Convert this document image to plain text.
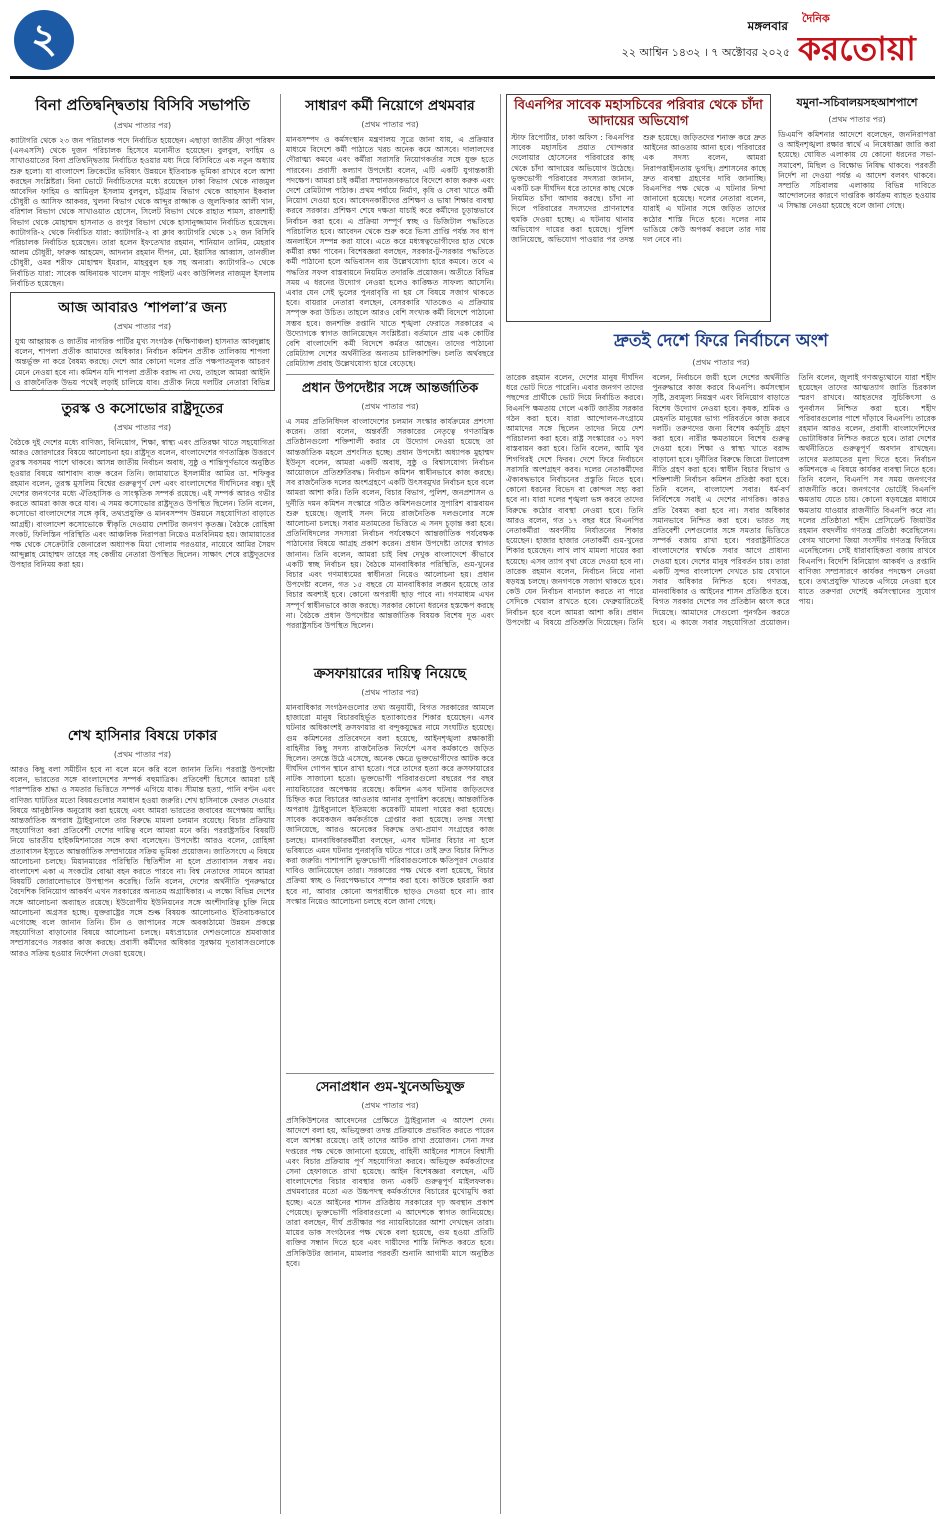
২	মঙ্গলবার
২২ আশ্বিন ১৪৩২ । ৭ অক্টোবর ২০২৫
দৈনিক
করতোয়া
বিনা প্রতিদ্বন্দ্বিতায় বিসিবি সভাপতি
(প্রথম পাতার পর)
ক্যাটাগরি থেকে ২৩ জন পরিচালক পদে নির্বাচিত হয়েছেন। এছাড়া জাতীয় ক্রীড়া পরিষদ (এনএসসি) থেকে দুজন পরিচালক হিসেবে মনোনীত হয়েছেন। বুলবুল, ফাহিম ও সাখাওয়াতের বিনা প্রতিদ্বন্দ্বিতায় নির্বাচিত হওয়ার মধ্য দিয়ে বিসিবিতে এক নতুন অধ্যায় শুরু হলো। যা বাংলাদেশ ক্রিকেটের ভবিষ্যৎ উন্নয়নে ইতিবাচক ভূমিকা রাখবে বলে আশা করছেন সংশ্লিষ্টরা। বিনা ভোটে নির্বাচিতদের মধ্যে রয়েছেন ঢাকা বিভাগ থেকে নাজমুল আবেদিন ফাহিম ও আমিনুল ইসলাম বুলবুল, চট্টগ্রাম বিভাগ থেকে আহসান ইকবাল চৌধুরী ও আসিফ আকবর, খুলনা বিভাগ থেকে আব্দুর রাজ্জাক ও জুলফিকার আলী খান, বরিশাল বিভাগ থেকে সাখাওয়াত হোসেন, সিলেট বিভাগ থেকে রাহাত শামস, রাজশাহী বিভাগ থেকে মোহাম্মদ হাসনাত ও রংপুর বিভাগ থেকে হাসানুজ্জামান নির্বাচিত হয়েছেন। ক্যাটাগরি-২ থেকে নির্বাচিত যারা: ক্যাটাগরি-২ বা ক্লাব ক্যাটাগরি থেকে ১২ জন বিসিবি পরিচালক নির্বাচিত হয়েছেন। তারা হলেন ইফতেখার রহমান, শানিয়ান তানিম, মেহরাব আলম চৌধুরী, ফারুক আহমেদ, আদনান রহমান দীপন, মো. ইয়াসির আব্বাস, তানজীল চৌধুরী, ওমর শরীফ মোহাম্মদ ইমরান, মাহবুবুল হক সহ অন্যরা। ক্যাটাগরি-৩ থেকে নির্বাচিত যারা: সাবেক অধিনায়ক খালেদ মাসুদ পাইলট এবং কাউন্সিলর নাজমূল ইসলাম নির্বাচিত হয়েছেন।
আজ আবারও ‘শাপলা’র জন্য
(প্রথম পাতার পর)
যুগ্ম আহ্বায়ক ও জাতীয় নাগরিক পার্টির মুখ্য সংগঠক (দক্ষিণাঞ্চল) হাসনাত আবদুল্লাহ বলেন, শাপলা প্রতীক আমাদের অধিকার। নির্বাচন কমিশন প্রতীক তালিকায় শাপলা অন্তর্ভুক্ত না করে বৈষম্য করছে। দেশে আর কোনো দলের প্রতি পক্ষপাতমূলক আচরণ মেনে নেওয়া হবে না। কমিশন যদি শাপলা প্রতীক বরাদ্দ না দেয়, তাহলে আমরা আইনি ও রাজনৈতিক উভয় পথেই লড়াই চালিয়ে যাব। প্রতীক নিয়ে দলটির নেতারা বিভিন্ন
তুরস্ক ও কসোভোর রাষ্ট্রদূতের
(প্রথম পাতার পর)
বৈঠকে দুই দেশের মধ্যে বাণিজ্য, বিনিয়োগ, শিক্ষা, স্বাস্থ্য এবং প্রতিরক্ষা খাতে সহযোগিতা আরও জোরদারের বিষয়ে আলোচনা হয়। রাষ্ট্রদূত বলেন, বাংলাদেশের গণতান্ত্রিক উত্তরণে তুরস্ক সবসময় পাশে থাকবে। আসন্ন জাতীয় নির্বাচন অবাধ, সুষ্ঠু ও শান্তিপূর্ণভাবে অনুষ্ঠিত হওয়ার বিষয়ে আশাবাদ ব্যক্ত করেন তিনি। জামায়াতে ইসলামীর আমির ডা. শফিকুর রহমান বলেন, তুরস্ক মুসলিম বিশ্বের গুরুত্বপূর্ণ দেশ এবং বাংলাদেশের দীর্ঘদিনের বন্ধু। দুই দেশের জনগণের মধ্যে ঐতিহাসিক ও সাংস্কৃতিক সম্পর্ক রয়েছে। এই সম্পর্ক আরও গভীর করতে আমরা কাজ করে যাব। এ সময় কসোভোর রাষ্ট্রদূতও উপস্থিত ছিলেন। তিনি বলেন, কসোভো বাংলাদেশের সঙ্গে কৃষি, তথ্যপ্রযুক্তি ও মানবসম্পদ উন্নয়নে সহযোগিতা বাড়াতে আগ্রহী। বাংলাদেশ কসোভোকে স্বীকৃতি দেওয়ায় দেশটির জনগণ কৃতজ্ঞ। বৈঠকে রোহিঙ্গা সংকট, ফিলিস্তিন পরিস্থিতি এবং আঞ্চলিক নিরাপত্তা নিয়েও মতবিনিময় হয়। জামায়াতের পক্ষ থেকে সেক্রেটারি জেনারেল অধ্যাপক মিয়া গোলাম পরওয়ার, নায়েবে আমির সৈয়দ আব্দুল্লাহ মোহাম্মদ তাহের সহ কেন্দ্রীয় নেতারা উপস্থিত ছিলেন। সাক্ষাৎ শেষে রাষ্ট্রদূতদের উপহার বিনিময় করা হয়।
শেখ হাসিনার বিষয়ে ঢাকার
(প্রথম পাতার পর)
আরও কিছু বলা সমীচীন হবে না বলে মনে করি বলে জানান তিনি। পররাষ্ট্র উপদেষ্টা বলেন, ভারতের সঙ্গে বাংলাদেশের সম্পর্ক বহুমাত্রিক। প্রতিবেশী হিসেবে আমরা চাই পারস্পরিক শ্রদ্ধা ও সমতার ভিত্তিতে সম্পর্ক এগিয়ে যাক। সীমান্ত হত্যা, পানি বণ্টন এবং বাণিজ্য ঘাটতির মতো বিষয়গুলোর সমাধান হওয়া জরুরি। শেখ হাসিনাকে ফেরত দেওয়ার বিষয়ে আনুষ্ঠানিক অনুরোধ করা হয়েছে এবং আমরা ভারতের জবাবের অপেক্ষায় আছি। আন্তর্জাতিক অপরাধ ট্রাইব্যুনালে তার বিরুদ্ধে মামলা চলমান রয়েছে। বিচার প্রক্রিয়ায় সহযোগিতা করা প্রতিবেশী দেশের দায়িত্ব বলে আমরা মনে করি। পররাষ্ট্রসচিব বিষয়টি নিয়ে ভারতীয় হাইকমিশনারের সঙ্গে কথা বলেছেন। উপদেষ্টা আরও বলেন, রোহিঙ্গা প্রত্যাবাসন ইস্যুতে আন্তর্জাতিক সম্প্রদায়ের সক্রিয় ভূমিকা প্রয়োজন। জাতিসংঘে এ বিষয়ে আলোচনা চলছে। মিয়ানমারের পরিস্থিতি স্থিতিশীল না হলে প্রত্যাবাসন সম্ভব নয়। বাংলাদেশ একা এ সংকটের বোঝা বহন করতে পারবে না। বিশ্ব নেতাদের সামনে আমরা বিষয়টি জোরালোভাবে উপস্থাপন করেছি। তিনি বলেন, দেশের অর্থনীতি পুনরুদ্ধারে বৈদেশিক বিনিয়োগ আকর্ষণ এখন সরকারের অন্যতম অগ্রাধিকার। এ লক্ষ্যে বিভিন্ন দেশের সঙ্গে আলোচনা অব্যাহত রয়েছে। ইউরোপীয় ইউনিয়নের সঙ্গে অংশীদারিত্ব চুক্তি নিয়ে আলোচনা অগ্রসর হচ্ছে। যুক্তরাষ্ট্রের সঙ্গে শুল্ক বিষয়ক আলোচনাও ইতিবাচকভাবে এগোচ্ছে বলে জানান তিনি। চীন ও জাপানের সঙ্গে অবকাঠামো উন্নয়ন প্রকল্পে সহযোগিতা বাড়ানোর বিষয়ে আলোচনা চলছে। মধ্যপ্রাচ্যের দেশগুলোতে শ্রমবাজার সম্প্রসারণেও সরকার কাজ করছে। প্রবাসী কর্মীদের অধিকার সুরক্ষায় দূতাবাসগুলোকে আরও সক্রিয় হওয়ার নির্দেশনা দেওয়া হয়েছে।
সাধারণ কর্মী নিয়োগে প্রথমবার
(প্রথম পাতার পর)
মানবসম্পদ ও কর্মসংস্থান মন্ত্রণালয় সূত্রে জানা যায়, এ প্রক্রিয়ার মাধ্যমে বিদেশে কর্মী পাঠাতে খরচ অনেক কমে আসবে। দালালদের দৌরাত্ম্য কমবে এবং কর্মীরা সরাসরি নিয়োগকর্তার সঙ্গে যুক্ত হতে পারবেন। প্রবাসী কল্যাণ উপদেষ্টা বলেন, এটি একটি যুগান্তকারী পদক্ষেপ। আমরা চাই কর্মীরা সম্মানজনকভাবে বিদেশে কাজ করুক এবং দেশে রেমিট্যান্স পাঠাক। প্রথম পর্যায়ে নির্মাণ, কৃষি ও সেবা খাতে কর্মী নিয়োগ দেওয়া হবে। আবেদনকারীদের প্রশিক্ষণ ও ভাষা শিক্ষার ব্যবস্থা করবে সরকার। প্রশিক্ষণ শেষে দক্ষতা যাচাই করে কর্মীদের চূড়ান্তভাবে নির্বাচন করা হবে। এ প্রক্রিয়া সম্পূর্ণ স্বচ্ছ ও ডিজিটাল পদ্ধতিতে পরিচালিত হবে। আবেদন থেকে শুরু করে ভিসা প্রাপ্তি পর্যন্ত সব ধাপ অনলাইনে সম্পন্ন করা যাবে। এতে করে মধ্যস্বত্বভোগীদের হাত থেকে কর্মীরা রক্ষা পাবেন। বিশেষজ্ঞরা বলছেন, সরকার-টু-সরকার পদ্ধতিতে কর্মী পাঠানো হলে অভিবাসন ব্যয় উল্লেখযোগ্য হারে কমবে। তবে এ পদ্ধতির সফল বাস্তবায়নে নিয়মিত তদারকি প্রয়োজন। অতীতে বিভিন্ন সময় এ ধরনের উদ্যোগ নেওয়া হলেও কাঙ্ক্ষিত সাফল্য আসেনি। এবার যেন সেই ভুলের পুনরাবৃত্তি না হয় সে বিষয়ে সজাগ থাকতে হবে। বায়রার নেতারা বলছেন, বেসরকারি খাতকেও এ প্রক্রিয়ায় সম্পৃক্ত করা উচিত। তাহলে আরও বেশি সংখ্যক কর্মী বিদেশে পাঠানো সম্ভব হবে। জনশক্তি রপ্তানি খাতে শৃঙ্খলা ফেরাতে সরকারের এ উদ্যোগকে স্বাগত জানিয়েছেন সংশ্লিষ্টরা। বর্তমানে প্রায় এক কোটির বেশি বাংলাদেশি কর্মী বিদেশে কর্মরত আছেন। তাদের পাঠানো রেমিট্যান্স দেশের অর্থনীতির অন্যতম চালিকাশক্তি। চলতি অর্থবছরে রেমিট্যান্স প্রবাহ উল্লেখযোগ্য হারে বেড়েছে।
প্রধান উপদেষ্টার সঙ্গে আন্তর্জাতিক
(প্রথম পাতার পর)
এ সময় প্রতিনিধিদল বাংলাদেশের চলমান সংস্কার কার্যক্রমের প্রশংসা করেন। তারা বলেন, অন্তর্বর্তী সরকারের নেতৃত্বে গণতান্ত্রিক প্রতিষ্ঠানগুলো শক্তিশালী করার যে উদ্যোগ নেওয়া হয়েছে তা আন্তর্জাতিক মহলে প্রশংসিত হচ্ছে। প্রধান উপদেষ্টা অধ্যাপক মুহাম্মদ ইউনূস বলেন, আমরা একটি অবাধ, সুষ্ঠু ও বিশ্বাসযোগ্য নির্বাচন আয়োজনে প্রতিশ্রুতিবদ্ধ। নির্বাচন কমিশন স্বাধীনভাবে কাজ করছে। সব রাজনৈতিক দলের অংশগ্রহণে একটি উৎসবমুখর নির্বাচন হবে বলে আমরা আশা করি। তিনি বলেন, বিচার বিভাগ, পুলিশ, জনপ্রশাসন ও দুর্নীতি দমন কমিশন সংস্কারে গঠিত কমিশনগুলোর সুপারিশ বাস্তবায়ন শুরু হয়েছে। জুলাই সনদ নিয়ে রাজনৈতিক দলগুলোর সঙ্গে আলোচনা চলছে। সবার মতামতের ভিত্তিতে এ সনদ চূড়ান্ত করা হবে। প্রতিনিধিদলের সদস্যরা নির্বাচন পর্যবেক্ষণে আন্তর্জাতিক পর্যবেক্ষক পাঠানোর বিষয়ে আগ্রহ প্রকাশ করেন। প্রধান উপদেষ্টা তাদের স্বাগত জানান। তিনি বলেন, আমরা চাই বিশ্ব দেখুক বাংলাদেশে কীভাবে একটি স্বচ্ছ নির্বাচন হয়। বৈঠকে মানবাধিকার পরিস্থিতি, গুম-খুনের বিচার এবং গণমাধ্যমের স্বাধীনতা নিয়েও আলোচনা হয়। প্রধান উপদেষ্টা বলেন, গত ১৫ বছরে যে মানবাধিকার লঙ্ঘন হয়েছে তার বিচার অবশ্যই হবে। কোনো অপরাধী ছাড় পাবে না। গণমাধ্যম এখন সম্পূর্ণ স্বাধীনভাবে কাজ করছে। সরকার কোনো ধরনের হস্তক্ষেপ করছে না। বৈঠকে প্রধান উপদেষ্টার আন্তর্জাতিক বিষয়ক বিশেষ দূত এবং পররাষ্ট্রসচিব উপস্থিত ছিলেন।
ক্রসফায়ারের দায়িত্ব নিয়েছে
(প্রথম পাতার পর)
মানবাধিকার সংগঠনগুলোর তথ্য অনুযায়ী, বিগত সরকারের আমলে হাজারো মানুষ বিচারবহির্ভূত হত্যাকাণ্ডের শিকার হয়েছেন। এসব ঘটনার অধিকাংশই ক্রসফায়ার বা বন্দুকযুদ্ধের নামে সংঘটিত হয়েছে। গুম কমিশনের প্রতিবেদনে বলা হয়েছে, আইনশৃঙ্খলা রক্ষাকারী বাহিনীর কিছু সদস্য রাজনৈতিক নির্দেশে এসব কর্মকাণ্ডে জড়িত ছিলেন। তদন্তে উঠে এসেছে, অনেক ক্ষেত্রে ভুক্তভোগীদের আটক করে দীর্ঘদিন গোপন স্থানে রাখা হতো। পরে তাদের হত্যা করে ক্রসফায়ারের নাটক সাজানো হতো। ভুক্তভোগী পরিবারগুলো বছরের পর বছর ন্যায়বিচারের অপেক্ষায় রয়েছে। কমিশন এসব ঘটনায় জড়িতদের চিহ্নিত করে বিচারের আওতায় আনার সুপারিশ করেছে। আন্তর্জাতিক অপরাধ ট্রাইব্যুনালে ইতিমধ্যে কয়েকটি মামলা দায়ের করা হয়েছে। সাবেক কয়েকজন কর্মকর্তাকে গ্রেপ্তার করা হয়েছে। তদন্ত সংস্থা জানিয়েছে, আরও অনেকের বিরুদ্ধে তথ্য-প্রমাণ সংগ্রহের কাজ চলছে। মানবাধিকারকর্মীরা বলছেন, এসব ঘটনার বিচার না হলে ভবিষ্যতে এমন ঘটনার পুনরাবৃত্তি ঘটতে পারে। তাই দ্রুত বিচার নিশ্চিত করা জরুরি। পাশাপাশি ভুক্তভোগী পরিবারগুলোকে ক্ষতিপূরণ দেওয়ার দাবিও জানিয়েছেন তারা। সরকারের পক্ষ থেকে বলা হয়েছে, বিচার প্রক্রিয়া স্বচ্ছ ও নিরপেক্ষভাবে সম্পন্ন করা হবে। কাউকে হয়রানি করা হবে না, আবার কোনো অপরাধীকে ছাড়ও দেওয়া হবে না। র‍্যাব সংস্কার নিয়েও আলোচনা চলছে বলে জানা গেছে।
সেনাপ্রধান গুম-খুনেঅভিযুক্ত
(প্রথম পাতার পর)
প্রসিকিউশনের আবেদনের প্রেক্ষিতে ট্রাইব্যুনাল এ আদেশ দেন। আদেশে বলা হয়, অভিযুক্তরা তদন্ত প্রক্রিয়াকে প্রভাবিত করতে পারেন বলে আশঙ্কা রয়েছে। তাই তাদের আটক রাখা প্রয়োজন। সেনা সদর দপ্তরের পক্ষ থেকে জানানো হয়েছে, বাহিনী আইনের শাসনে বিশ্বাসী এবং বিচার প্রক্রিয়ায় পূর্ণ সহযোগিতা করবে। অভিযুক্ত কর্মকর্তাদের সেনা হেফাজতে রাখা হয়েছে। আইন বিশেষজ্ঞরা বলছেন, এটি বাংলাদেশের বিচার ব্যবস্থার জন্য একটি গুরুত্বপূর্ণ মাইলফলক। প্রথমবারের মতো এত উচ্চপদস্থ কর্মকর্তাদের বিচারের মুখোমুখি করা হচ্ছে। এতে আইনের শাসন প্রতিষ্ঠায় সরকারের দৃঢ় অবস্থান প্রকাশ পেয়েছে। ভুক্তভোগী পরিবারগুলো এ আদেশকে স্বাগত জানিয়েছে। তারা বলছেন, দীর্ঘ প্রতীক্ষার পর ন্যায়বিচারের আশা দেখছেন তারা। মায়ের ডাক সংগঠনের পক্ষ থেকে বলা হয়েছে, গুম হওয়া প্রতিটি ব্যক্তির সন্ধান দিতে হবে এবং দায়ীদের শাস্তি নিশ্চিত করতে হবে। প্রসিকিউটর জানান, মামলার পরবর্তী শুনানি আগামী মাসে অনুষ্ঠিত হবে।
বিএনপির সাবেক মহাসচিবের পরিবার থেকে চাঁদা আদায়ের অভিযোগ
স্টাফ রিপোর্টার, ঢাকা অফিস : বিএনপির সাবেক মহাসচিব প্রয়াত খোন্দকার দেলোয়ার হোসেনের পরিবারের কাছ থেকে চাঁদা আদায়ের অভিযোগ উঠেছে। ভুক্তভোগী পরিবারের সদস্যরা জানান, একটি চক্র দীর্ঘদিন ধরে তাদের কাছ থেকে নিয়মিত চাঁদা আদায় করছে। চাঁদা না দিলে পরিবারের সদস্যদের প্রাণনাশের হুমকি দেওয়া হচ্ছে। এ ঘটনায় থানায় অভিযোগ দায়ের করা হয়েছে। পুলিশ জানিয়েছে, অভিযোগ পাওয়ার পর তদন্ত শুরু হয়েছে। জড়িতদের শনাক্ত করে দ্রুত আইনের আওতায় আনা হবে। পরিবারের এক সদস্য বলেন, আমরা নিরাপত্তাহীনতায় ভুগছি। প্রশাসনের কাছে দ্রুত ব্যবস্থা গ্রহণের দাবি জানাচ্ছি। বিএনপির পক্ষ থেকে এ ঘটনার নিন্দা জানানো হয়েছে। দলের নেতারা বলেন, যারাই এ ঘটনার সঙ্গে জড়িত তাদের কঠোর শাস্তি দিতে হবে। দলের নাম ভাঙিয়ে কেউ অপকর্ম করলে তার দায় দল নেবে না।
যমুনা-সচিবালয়সহআশপাশে
(প্রথম পাতার পর)
ডিএমপি কমিশনার আদেশে বলেছেন, জননিরাপত্তা ও আইনশৃঙ্খলা রক্ষার স্বার্থে এ নিষেধাজ্ঞা জারি করা হয়েছে। ঘোষিত এলাকায় যে কোনো ধরনের সভা-সমাবেশ, মিছিল ও বিক্ষোভ নিষিদ্ধ থাকবে। পরবর্তী নির্দেশ না দেওয়া পর্যন্ত এ আদেশ বলবৎ থাকবে। সম্প্রতি সচিবালয় এলাকায় বিভিন্ন দাবিতে আন্দোলনের কারণে দাপ্তরিক কার্যক্রম ব্যাহত হওয়ায় এ সিদ্ধান্ত নেওয়া হয়েছে বলে জানা গেছে।
দ্রুতই দেশে ফিরে নির্বাচনে অংশ
(প্রথম পাতার পর)
তারেক রহমান বলেন, দেশের মানুষ দীর্ঘদিন ধরে ভোট দিতে পারেনি। এবার জনগণ তাদের পছন্দের প্রার্থীকে ভোট দিয়ে নির্বাচিত করবে। বিএনপি ক্ষমতায় গেলে একটি জাতীয় সরকার গঠন করা হবে। যারা আন্দোলন-সংগ্রামে আমাদের সঙ্গে ছিলেন তাদের নিয়ে দেশ পরিচালনা করা হবে। রাষ্ট্র সংস্কারের ৩১ দফা বাস্তবায়ন করা হবে। তিনি বলেন, আমি খুব শিগগিরই দেশে ফিরব। দেশে ফিরে নির্বাচনে সরাসরি অংশগ্রহণ করব। দলের নেতাকর্মীদের ঐক্যবদ্ধভাবে নির্বাচনের প্রস্তুতি নিতে হবে। কোনো ধরনের বিভেদ বা কোন্দল সহ্য করা হবে না। যারা দলের শৃঙ্খলা ভঙ্গ করবে তাদের বিরুদ্ধে কঠোর ব্যবস্থা নেওয়া হবে। তিনি আরও বলেন, গত ১৭ বছর ধরে বিএনপির নেতাকর্মীরা অবর্ণনীয় নির্যাতনের শিকার হয়েছেন। হাজার হাজার নেতাকর্মী গুম-খুনের শিকার হয়েছেন। লাখ লাখ মামলা দায়ের করা হয়েছে। এসব ত্যাগ বৃথা যেতে দেওয়া হবে না। তারেক রহমান বলেন, নির্বাচন নিয়ে নানা ষড়যন্ত্র চলছে। জনগণকে সজাগ থাকতে হবে। কেউ যেন নির্বাচন বানচাল করতে না পারে সেদিকে খেয়াল রাখতে হবে। ফেব্রুয়ারিতেই নির্বাচন হবে বলে আমরা আশা করি। প্রধান উপদেষ্টা এ বিষয়ে প্রতিশ্রুতি দিয়েছেন। তিনি বলেন, নির্বাচনে জয়ী হলে দেশের অর্থনীতি পুনরুদ্ধারে কাজ করবে বিএনপি। কর্মসংস্থান সৃষ্টি, দ্রব্যমূল্য নিয়ন্ত্রণ এবং বিনিয়োগ বাড়াতে বিশেষ উদ্যোগ নেওয়া হবে। কৃষক, শ্রমিক ও মেহনতি মানুষের ভাগ্য পরিবর্তনে কাজ করবে দলটি। তরুণদের জন্য বিশেষ কর্মসূচি গ্রহণ করা হবে। নারীর ক্ষমতায়নে বিশেষ গুরুত্ব দেওয়া হবে। শিক্ষা ও স্বাস্থ্য খাতে বরাদ্দ বাড়ানো হবে। দুর্নীতির বিরুদ্ধে জিরো টলারেন্স নীতি গ্রহণ করা হবে। স্বাধীন বিচার বিভাগ ও শক্তিশালী নির্বাচন কমিশন প্রতিষ্ঠা করা হবে। তিনি বলেন, বাংলাদেশ সবার। ধর্ম-বর্ণ নির্বিশেষে সবাই এ দেশের নাগরিক। কারও প্রতি বৈষম্য করা হবে না। সবার অধিকার সমানভাবে নিশ্চিত করা হবে। ভারত সহ প্রতিবেশী দেশগুলোর সঙ্গে সমতার ভিত্তিতে সম্পর্ক বজায় রাখা হবে। পররাষ্ট্রনীতিতে বাংলাদেশের স্বার্থকে সবার আগে প্রাধান্য দেওয়া হবে। দেশের মানুষ পরিবর্তন চায়। তারা একটি সুন্দর বাংলাদেশ দেখতে চায় যেখানে সবার অধিকার নিশ্চিত হবে। গণতন্ত্র, মানবাধিকার ও আইনের শাসন প্রতিষ্ঠিত হবে। বিগত সরকার দেশের সব প্রতিষ্ঠান ধ্বংস করে দিয়েছে। আমাদের সেগুলো পুনর্গঠন করতে হবে। এ কাজে সবার সহযোগিতা প্রয়োজন। তিনি বলেন, জুলাই গণঅভ্যুত্থানে যারা শহীদ হয়েছেন তাদের আত্মত্যাগ জাতি চিরকাল স্মরণ রাখবে। আহতদের সুচিকিৎসা ও পুনর্বাসন নিশ্চিত করা হবে। শহীদ পরিবারগুলোর পাশে দাঁড়াবে বিএনপি। তারেক রহমান আরও বলেন, প্রবাসী বাংলাদেশিদের ভোটাধিকার নিশ্চিত করতে হবে। তারা দেশের অর্থনীতিতে গুরুত্বপূর্ণ অবদান রাখছেন। তাদের মতামতের মূল্য দিতে হবে। নির্বাচন কমিশনকে এ বিষয়ে কার্যকর ব্যবস্থা নিতে হবে। তিনি বলেন, বিএনপি সব সময় জনগণের রাজনীতি করে। জনগণের ভোটেই বিএনপি ক্ষমতায় যেতে চায়। কোনো ষড়যন্ত্রের মাধ্যমে ক্ষমতায় যাওয়ার রাজনীতি বিএনপি করে না। দলের প্রতিষ্ঠাতা শহীদ প্রেসিডেন্ট জিয়াউর রহমান বহুদলীয় গণতন্ত্র প্রতিষ্ঠা করেছিলেন। বেগম খালেদা জিয়া সংসদীয় গণতন্ত্র ফিরিয়ে এনেছিলেন। সেই ধারাবাহিকতা বজায় রাখবে বিএনপি। বিদেশি বিনিয়োগ আকর্ষণ ও রপ্তানি বাণিজ্য সম্প্রসারণে কার্যকর পদক্ষেপ নেওয়া হবে। তথ্যপ্রযুক্তি খাতকে এগিয়ে নেওয়া হবে যাতে তরুণরা দেশেই কর্মসংস্থানের সুযোগ পায়।
